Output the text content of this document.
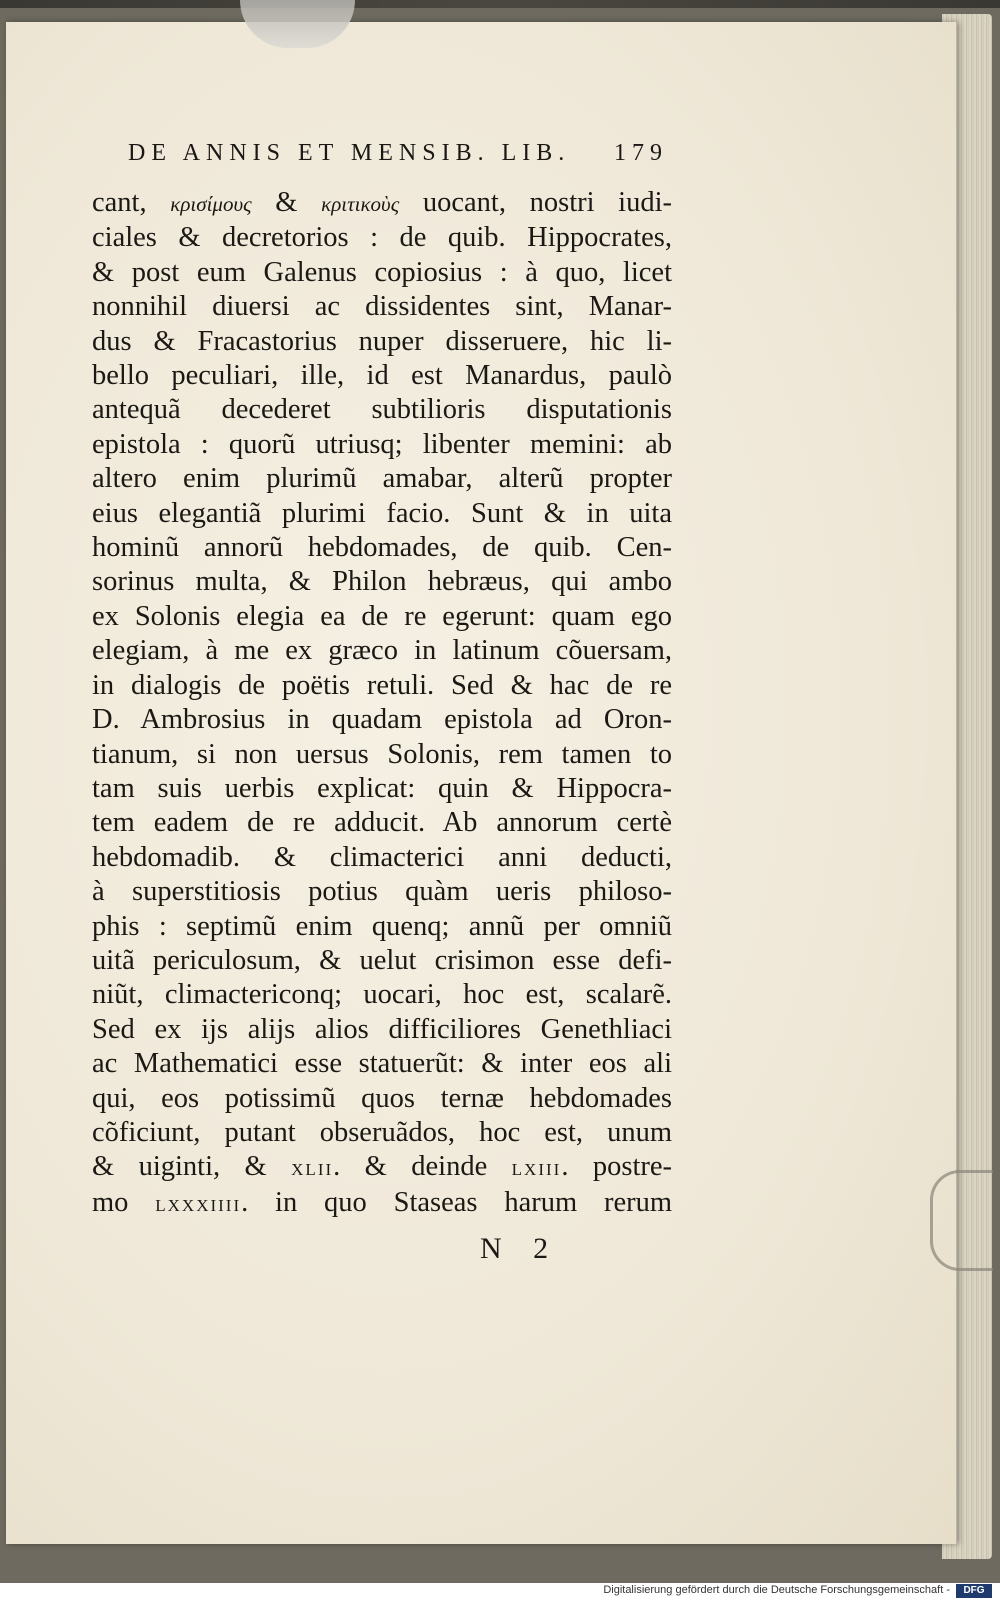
DE ANNIS ET MENSIB. LIB. 179
cant, κρισίμους & κριτικοὺς uocant, nostri iudi-
ciales & decretorios : de quib. Hippocrates,
& post eum Galenus copiosius : à quo, licet
nonnihil diuersi ac dissidentes sint, Manar-
dus & Fracastorius nuper disseruere, hic li-
bello peculiari, ille, id est Manardus, paulò
antequã decederet subtilioris disputationis
epistola : quorũ utriusq; libenter memini: ab
altero enim plurimũ amabar, alterũ propter
eius elegantiã plurimi facio. Sunt & in uita
hominũ annorũ hebdomades, de quib. Cen-
sorinus multa, & Philon hebræus, qui ambo
ex Solonis elegia ea de re egerunt: quam ego
elegiam, à me ex græco in latinum cõuersam,
in dialogis de poëtis retuli. Sed & hac de re
D. Ambrosius in quadam epistola ad Oron-
tianum, si non uersus Solonis, rem tamen to
tam suis uerbis explicat: quin & Hippocra-
tem eadem de re adducit. Ab annorum certè
hebdomadib. & climacterici anni deducti,
à superstitiosis potius quàm ueris philoso-
phis : septimũ enim quenq; annũ per omniũ
uitã periculosum, & uelut crisimon esse defi-
niũt, climactericonq; uocari, hoc est, scalarẽ.
Sed ex ijs alijs alios difficiliores Genethliaci
ac Mathematici esse statuerũt: & inter eos ali
qui, eos potissimũ quos ternæ hebdomades
cõficiunt, putant obseruãdos, hoc est, unum
& uiginti, & xlii. & deinde lxiii. postre-
mo lxxxiiii. in quo Staseas harum rerum
N 2
Digitalisierung gefördert durch die Deutsche Forschungsgemeinschaft -	DFG
